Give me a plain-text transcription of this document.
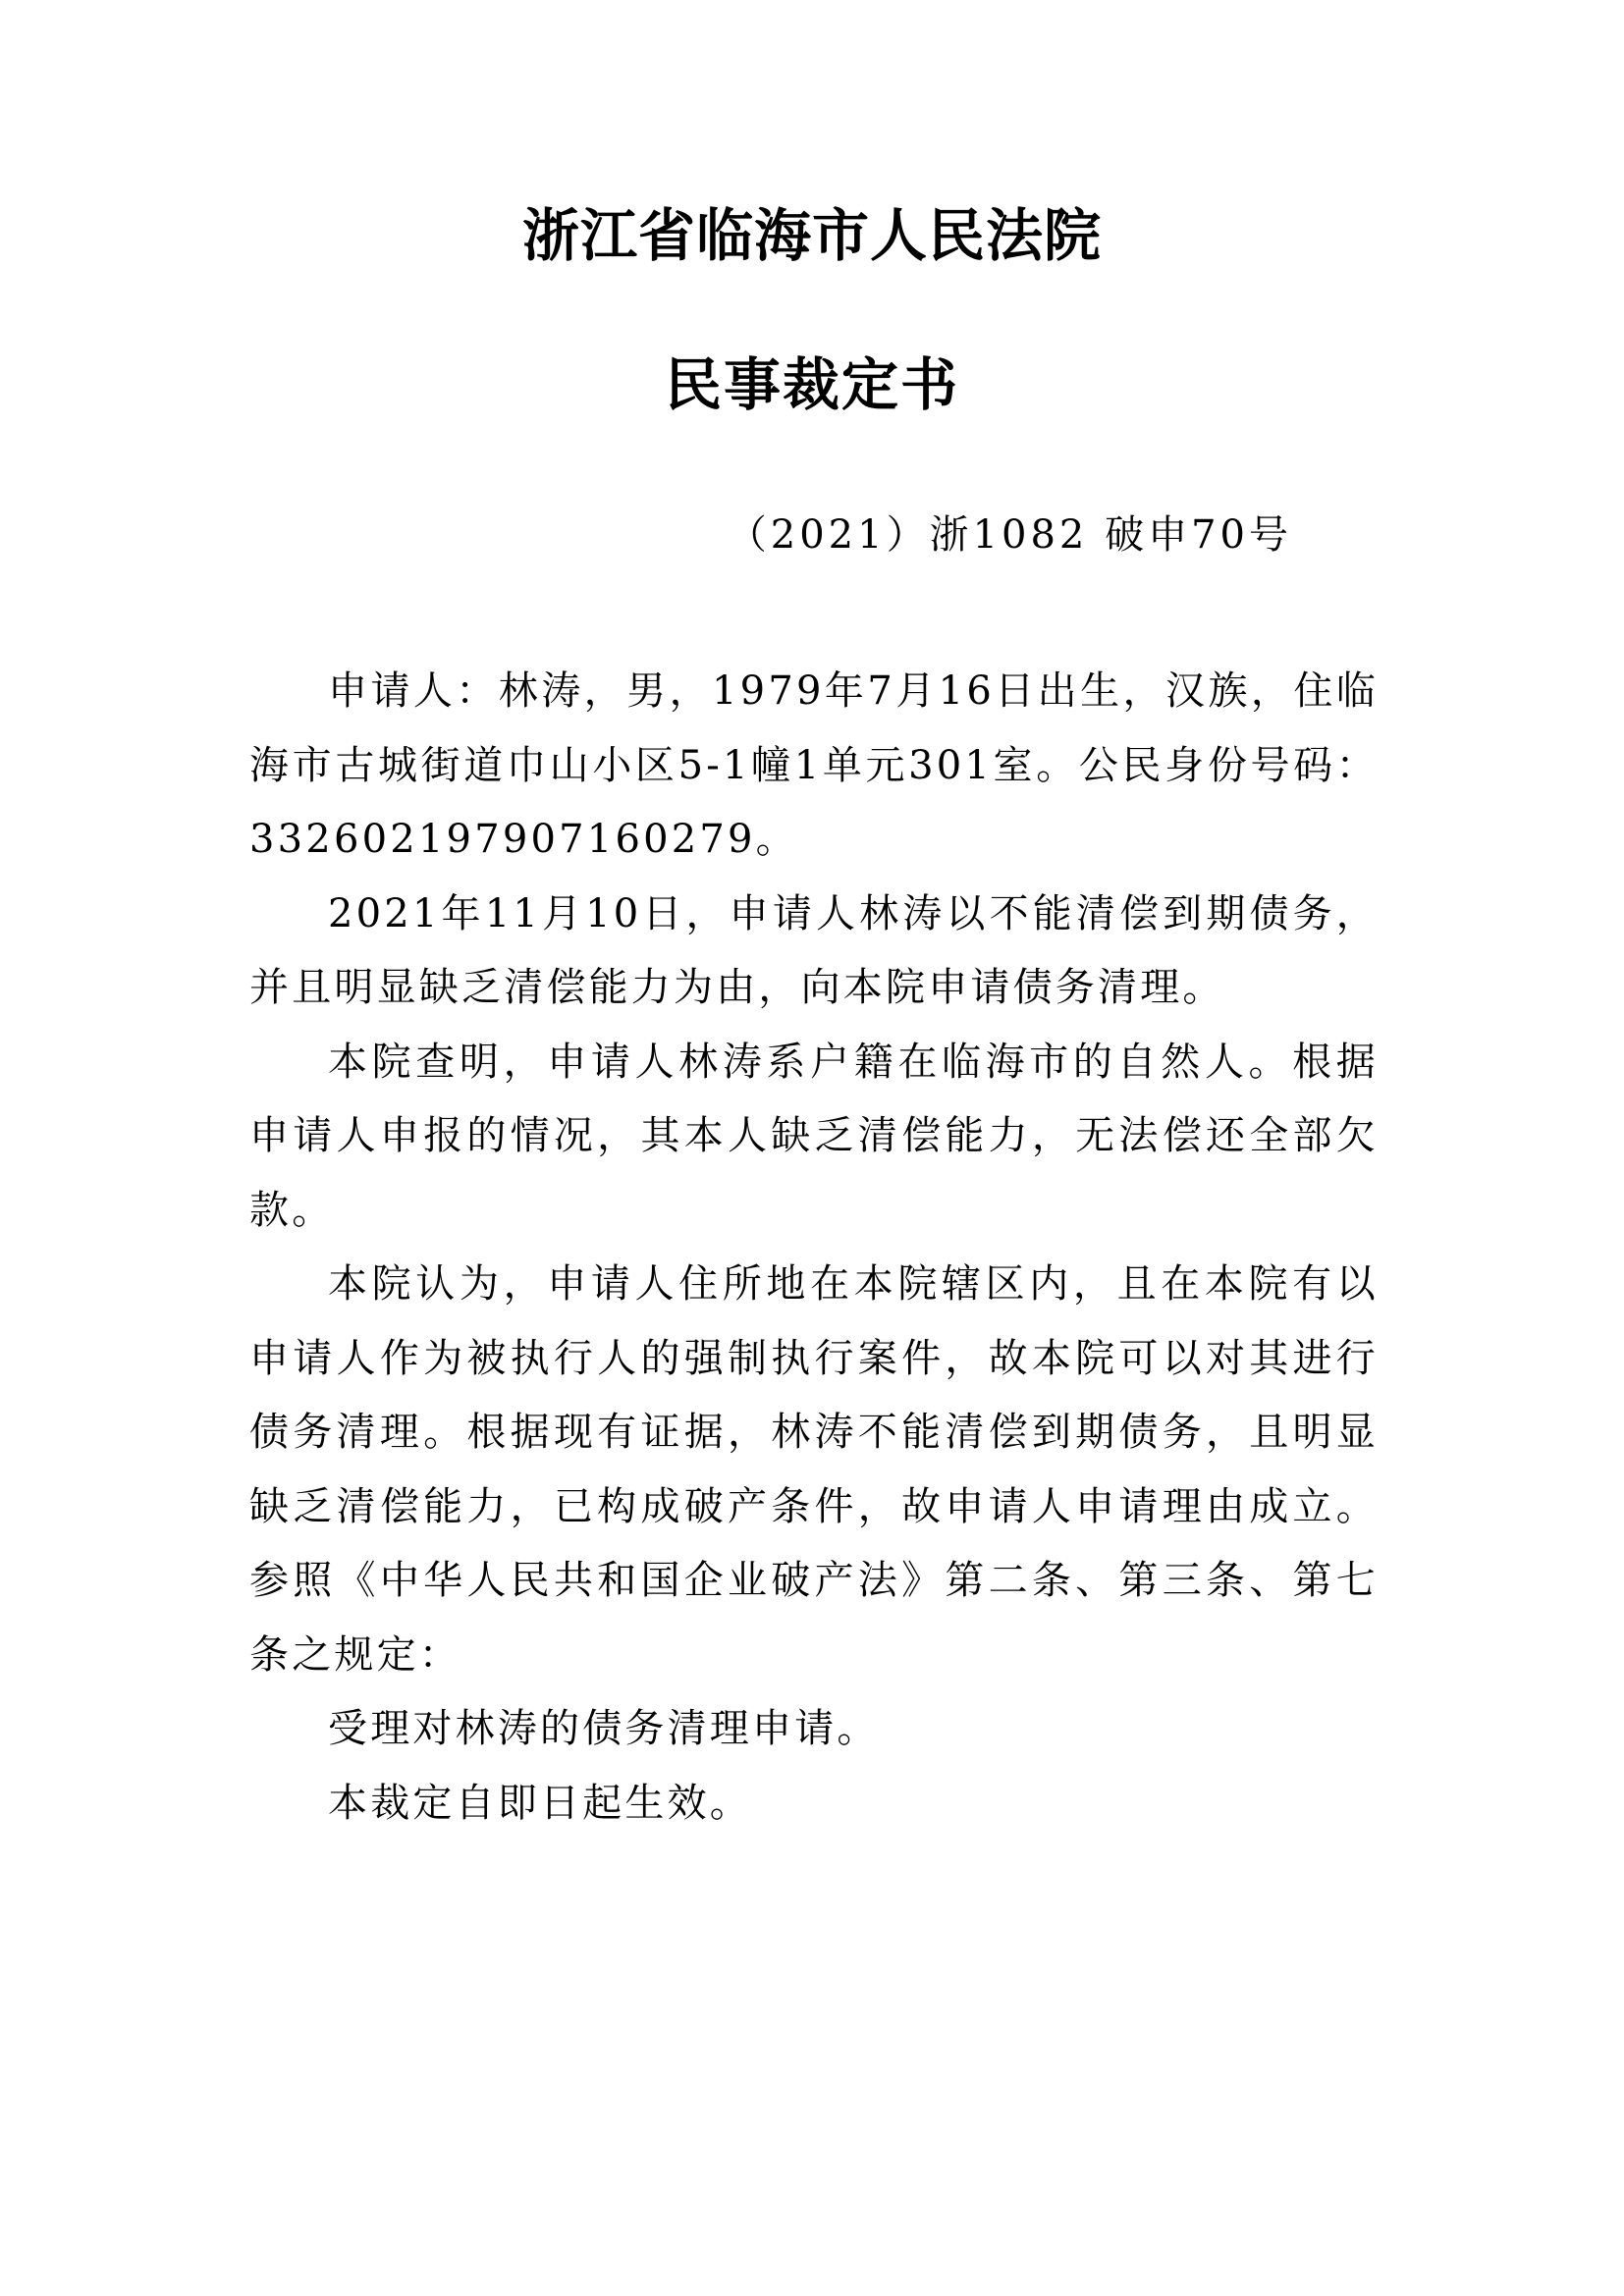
浙江省临海市人民法院
民事裁定书
（2021）浙1082 破申70号

申请人：林涛，男，1979年7月16日出生，汉族，住临海市古城街道巾山小区5-1幢1单元301室。公民身份号码：332602197907160279。

2021年11月10日，申请人林涛以不能清偿到期债务，并且明显缺乏清偿能力为由，向本院申请债务清理。

本院查明，申请人林涛系户籍在临海市的自然人。根据申请人申报的情况，其本人缺乏清偿能力，无法偿还全部欠款。

本院认为，申请人住所地在本院辖区内，且在本院有以申请人作为被执行人的强制执行案件，故本院可以对其进行债务清理。根据现有证据，林涛不能清偿到期债务，且明显缺乏清偿能力，已构成破产条件，故申请人申请理由成立。参照《中华人民共和国企业破产法》第二条、第三条、第七条之规定：

受理对林涛的债务清理申请。

本裁定自即日起生效。
